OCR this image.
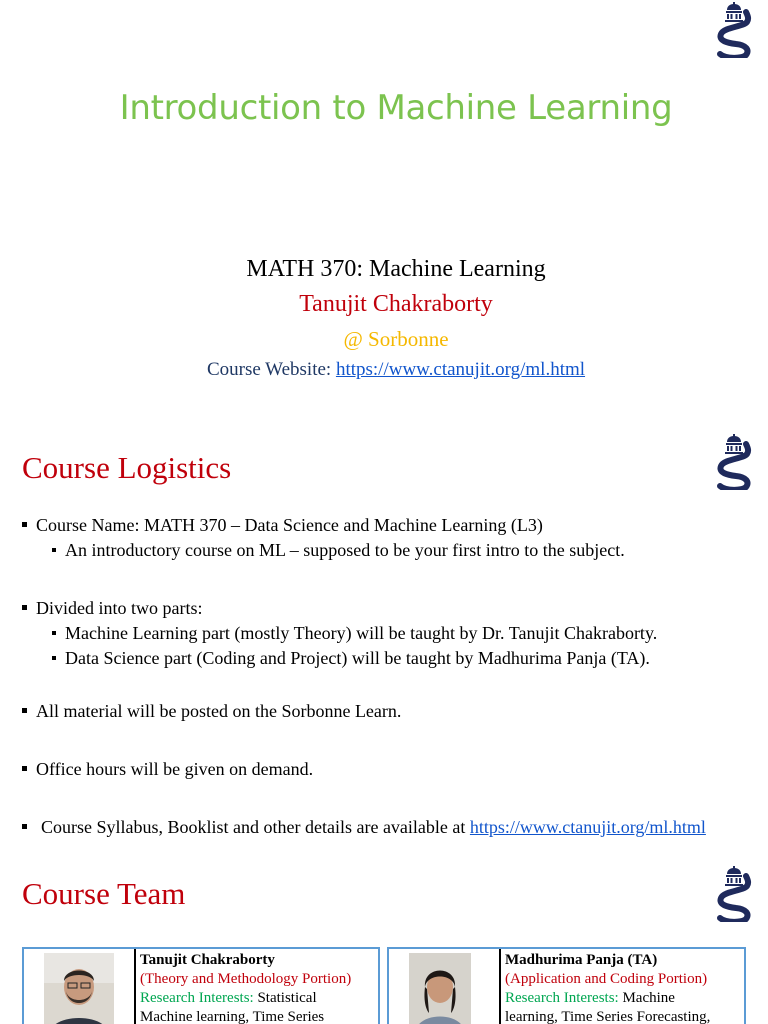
Introduction to Machine Learning
MATH 370: Machine Learning
Tanujit Chakraborty
@ Sorbonne
Course Website: https://www.ctanujit.org/ml.html
Course Logistics
Course Name: MATH 370 – Data Science and Machine Learning (L3)
An introductory course on ML – supposed to be your first intro to the subject.
Divided into two parts:
Machine Learning part (mostly Theory) will be taught by Dr. Tanujit Chakraborty.
Data Science part (Coding and Project) will be taught by Madhurima Panja (TA).
All material will be posted on the Sorbonne Learn.
Office hours will be given on demand.
Course Syllabus, Booklist and other details are available at https://www.ctanujit.org/ml.html
Course Team
Tanujit Chakraborty
(Theory and Methodology Portion)
Research Interests: Statistical
Machine learning, Time Series
Madhurima Panja (TA)
(Application and Coding Portion)
Research Interests: Machine
learning, Time Series Forecasting,
